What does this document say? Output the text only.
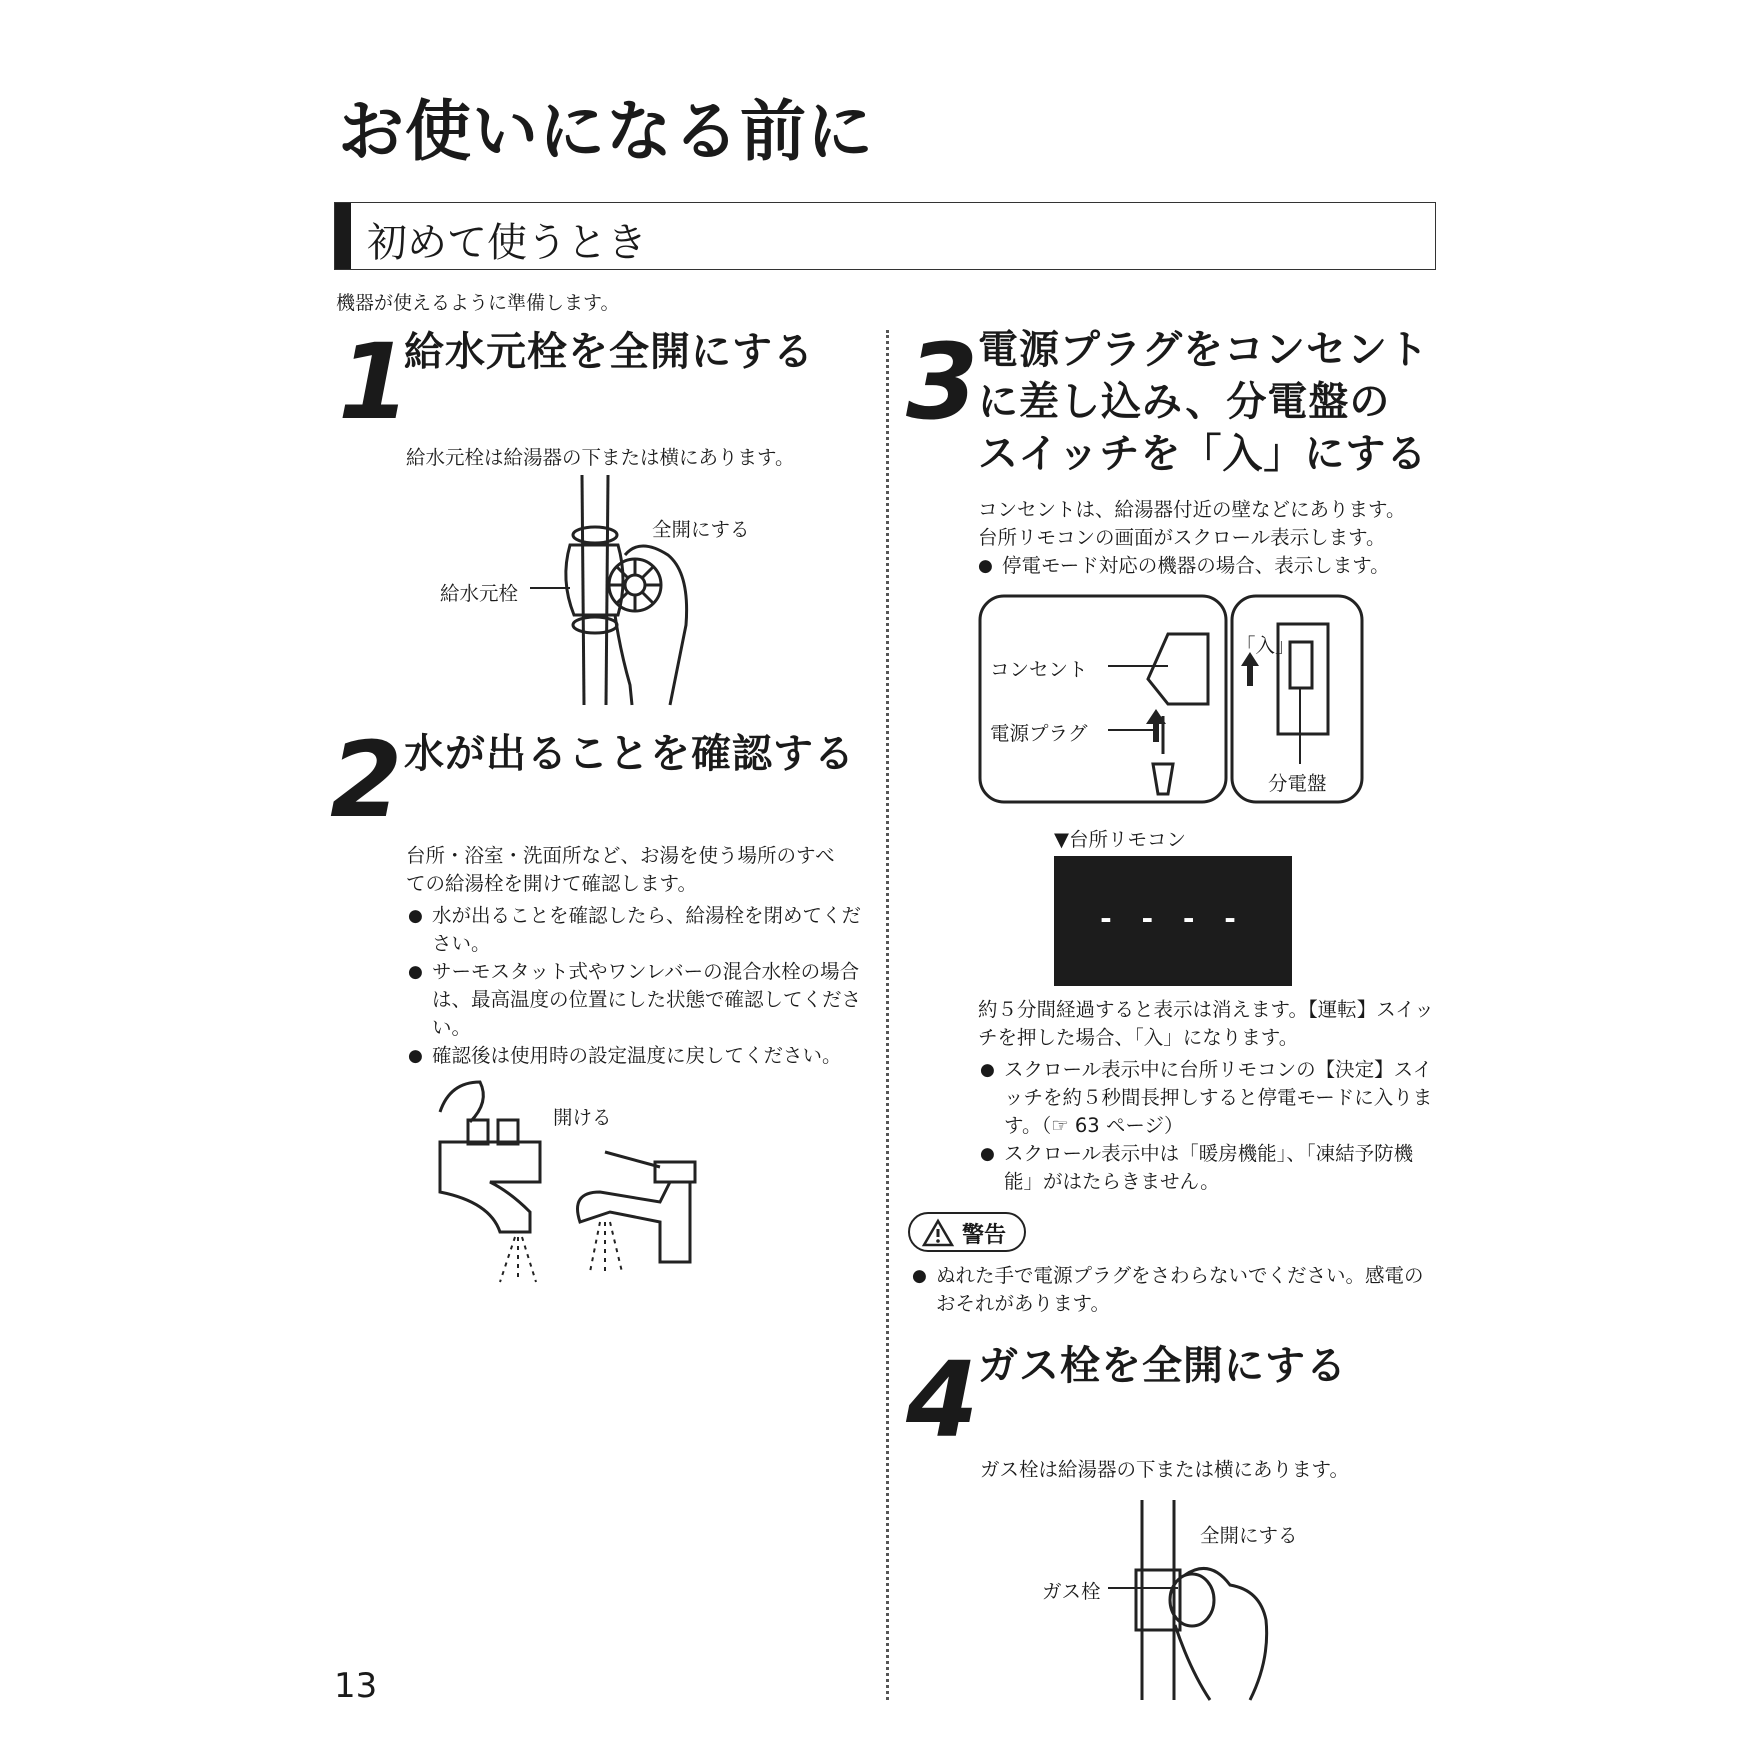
お使いになる前に
初めて使うとき
機器が使えるように準備します。
1
給水元栓を全開にする
給水元栓は給湯器の下または横にあります。
全開にする
給水元栓
2 水が出ることを確認する
台所・浴室・洗面所など、お湯を使う場所のすべ
ての給湯栓を開けて確認します。
● 水が出ることを確認したら、給湯栓を閉めてください。
● サーモスタット式やワンレバーの混合水栓の場合は、最高温度の位置にした状態で確認してください。
● 確認後は使用時の設定温度に戻してください。
開ける
3 電源プラグをコンセント
に差し込み、分電盤の
スイッチを「入」にする
コンセントは、給湯器付近の壁などにあります。
台所リモコンの画面がスクロール表示します。
● 停電モード対応の機器の場合、表示します。
コンセント
電源プラグ
「入」
分電盤
▼台所リモコン
- - - -
約５分間経過すると表示は消えます。【運転】スイッ
チを押した場合、「入」になります。
● スクロール表示中に台所リモコンの【決定】スイッチを約５秒間長押しすると停電モードに入ります。（☞ 63 ページ）
● スクロール表示中は「暖房機能」、「凍結予防機能」がはたらきません。
警告
● ぬれた手で電源プラグをさわらないでください。感電のおそれがあります。
4 ガス栓を全開にする
ガス栓は給湯器の下または横にあります。
全開にする
ガス栓
13
